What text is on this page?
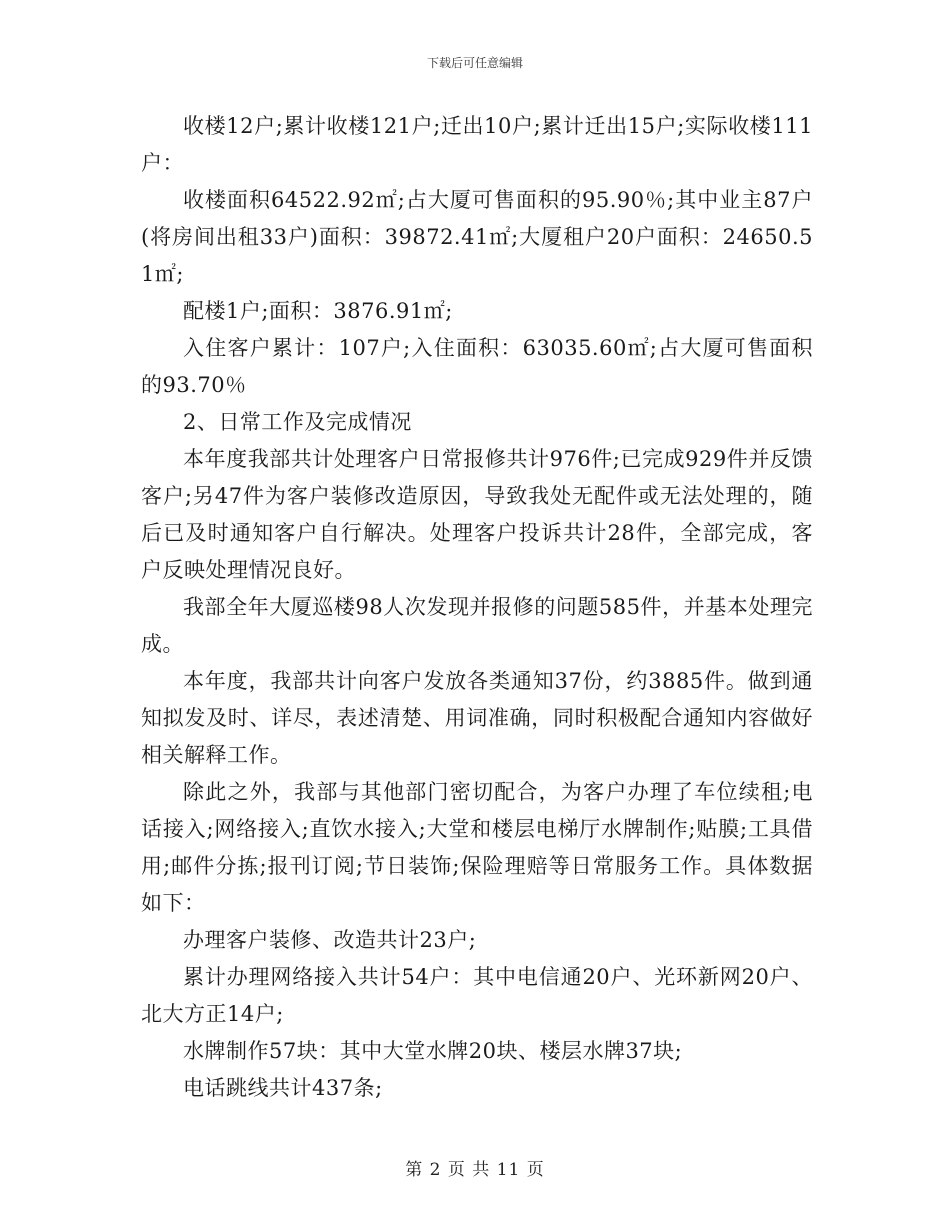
下载后可任意编辑

收楼12户;累计收楼121户;迁出10户;累计迁出15户;实际收楼111户：

收楼面积64522.92㎡;占大厦可售面积的95.90％;其中业主87户(将房间出租33户)面积：39872.41㎡;大厦租户20户面积：24650.51㎡;

配楼1户;面积：3876.91㎡;

入住客户累计：107户;入住面积：63035.60㎡;占大厦可售面积的93.70％

2、日常工作及完成情况

本年度我部共计处理客户日常报修共计976件;已完成929件并反馈客户;另47件为客户装修改造原因，导致我处无配件或无法处理的，随后已及时通知客户自行解决。处理客户投诉共计28件，全部完成，客户反映处理情况良好。

我部全年大厦巡楼98人次发现并报修的问题585件，并基本处理完成。

本年度，我部共计向客户发放各类通知37份，约3885件。做到通知拟发及时、详尽，表述清楚、用词准确，同时积极配合通知内容做好相关解释工作。

除此之外，我部与其他部门密切配合，为客户办理了车位续租;电话接入;网络接入;直饮水接入;大堂和楼层电梯厅水牌制作;贴膜;工具借用;邮件分拣;报刊订阅;节日装饰;保险理赔等日常服务工作。具体数据如下：

办理客户装修、改造共计23户;

累计办理网络接入共计54户：其中电信通20户、光环新网20户、北大方正14户;

水牌制作57块：其中大堂水牌20块、楼层水牌37块;

电话跳线共计437条;

第 2 页 共 11 页
